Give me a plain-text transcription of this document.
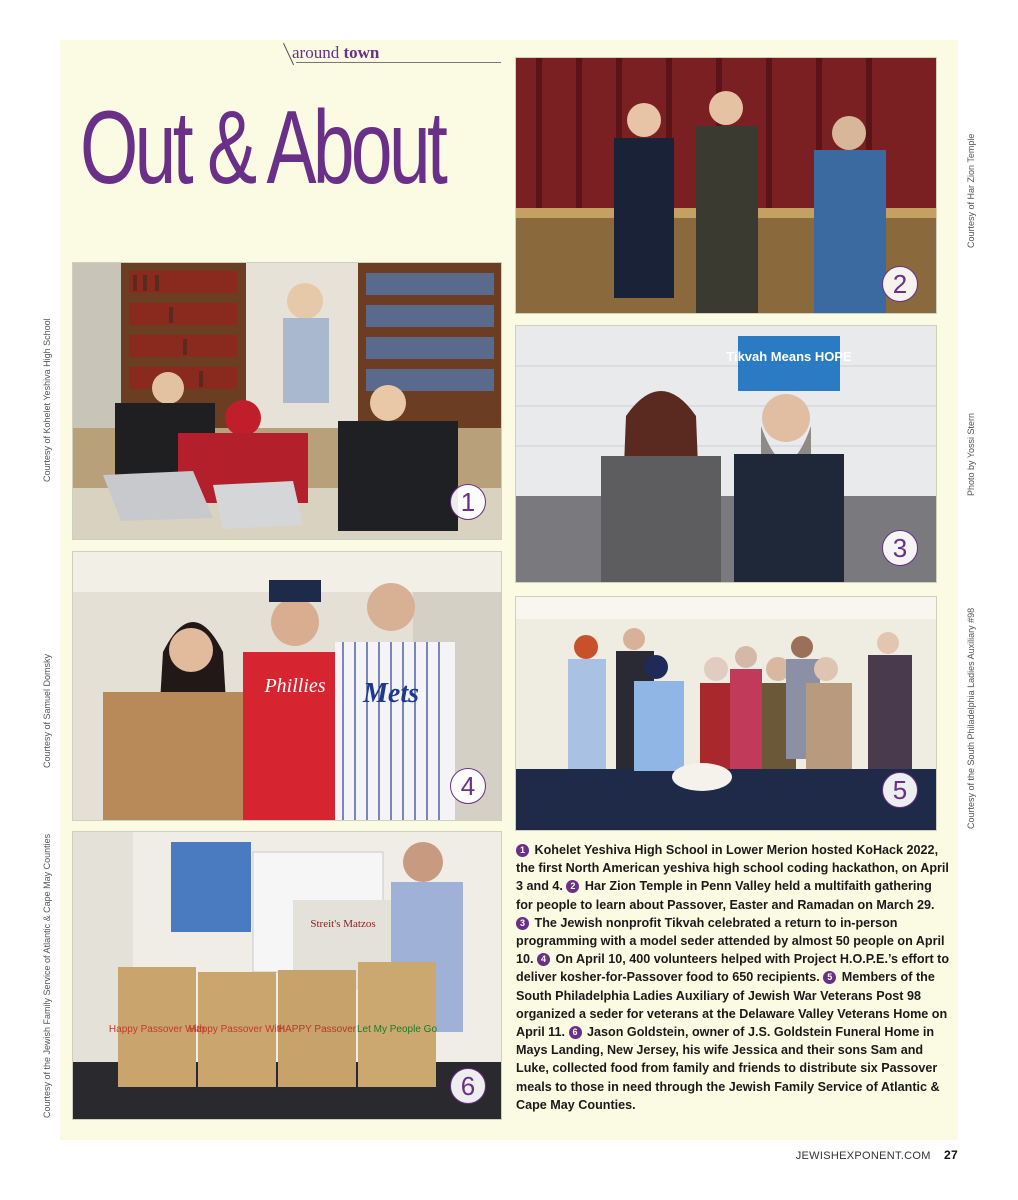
around town
Out & About
1
2
Tikvah Means HOPE
3
Phillies Mets
4	5
Streit's Matzos
Happy Passover With
Happy Passover With
HAPPY Passover Let My People Go
6
Courtesy of Kohelet Yeshiva High School
Courtesy of Har Zion Temple
Photo by Yossi Stern
Courtesy of Samuel Domsky	Courtesy of the South Philadelphia Ladies Auxiliary #98
Courtesy of the Jewish Family Service of Atlantic & Cape May Counties	1 Kohelet Yeshiva High School in Lower Merion hosted KoHack 2022, the first North American yeshiva high school coding hackathon, on April 3 and 4. 2 Har Zion Temple in Penn Valley held a multifaith gathering for people to learn about Passover, Easter and Ramadan on March 29. 3 The Jewish nonprofit Tikvah celebrated a return to in-person programming with a model seder attended by almost 50 people on April 10. 4 On April 10, 400 volunteers helped with Project H.O.P.E.’s effort to deliver kosher-for-Passover food to 650 recipients. 5 Members of the South Philadelphia Ladies Auxiliary of Jewish War Veterans Post 98 organized a seder for veterans at the Delaware Valley Veterans Home on April 11. 6 Jason Goldstein, owner of J.S. Goldstein Funeral Home in Mays Landing, New Jersey, his wife Jessica and their sons Sam and Luke, collected food from family and friends to distribute six Passover meals to those in need through the Jewish Family Service of Atlantic & Cape May Counties.
JEWISHEXPONENT.COM 27
